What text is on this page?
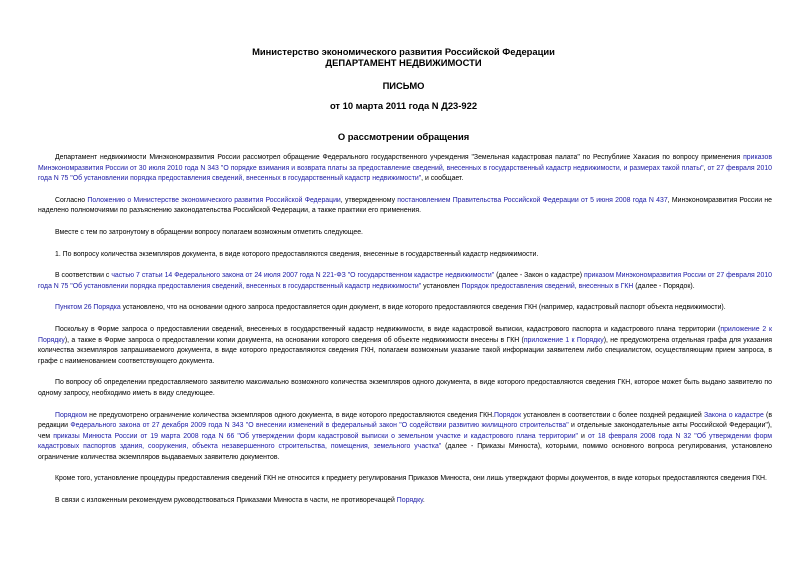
Министерство экономического развития Российской Федерации
ДЕПАРТАМЕНТ НЕДВИЖИМОСТИ
ПИСЬМО
от 10 марта 2011 года N Д23-922
О рассмотрении обращения

Департамент недвижимости Минэкономразвития России рассмотрел обращение Федерального государственного учреждения "Земельная кадастровая палата" по Республике Хакасия по вопросу применения приказов Минэкономразвития России от 30 июля 2010 года N 343 "О порядке взимания и возврата платы за предоставление сведений, внесенных в государственный кадастр недвижимости, и размерах такой платы", от 27 февраля 2010 года N 75 "Об установлении порядка предоставления сведений, внесенных в государственный кадастр недвижимости", и сообщает.

Согласно Положению о Министерстве экономического развития Российской Федерации, утвержденному постановлением Правительства Российской Федерации от 5 июня 2008 года N 437, Минэкономразвития России не наделено полномочиями по разъяснению законодательства Российской Федерации, а также практики его применения.

Вместе с тем по затронутому в обращении вопросу полагаем возможным отметить следующее.

1. По вопросу количества экземпляров документа, в виде которого предоставляются сведения, внесенные в государственный кадастр недвижимости.

В соответствии с частью 7 статьи 14 Федерального закона от 24 июля 2007 года N 221-ФЗ "О государственном кадастре недвижимости" (далее - Закон о кадастре) приказом Минэкономразвития России от 27 февраля 2010 года N 75 "Об установлении порядка предоставления сведений, внесенных в государственный кадастр недвижимости" установлен Порядок предоставления сведений, внесенных в ГКН (далее - Порядок).

Пунктом 26 Порядка установлено, что на основании одного запроса предоставляется один документ, в виде которого предоставляются сведения ГКН (например, кадастровый паспорт объекта недвижимости).

Поскольку в Форме запроса о предоставлении сведений, внесенных в государственный кадастр недвижимости, в виде кадастровой выписки, кадастрового паспорта и кадастрового плана территории (приложение 2 к Порядку), а также в Форме запроса о предоставлении копии документа, на основании которого сведения об объекте недвижимости внесены в ГКН (приложение 1 к Порядку), не предусмотрена отдельная графа для указания количества экземпляров запрашиваемого документа, в виде которого предоставляются сведения ГКН, полагаем возможным указание такой информации заявителем либо специалистом, осуществляющим прием запроса, в графе с наименованием соответствующего документа.

По вопросу об определении предоставляемого заявителю максимально возможного количества экземпляров одного документа, в виде которого предоставляются сведения ГКН, которое может быть выдано заявителю по одному запросу, необходимо иметь в виду следующее.

Порядком не предусмотрено ограничение количества экземпляров одного документа, в виде которого предоставляются сведения ГКН.Порядок установлен в соответствии с более поздней редакцией Закона о кадастре (в редакции Федерального закона от 27 декабря 2009 года N 343 "О внесении изменений в федеральный закон "О содействии развитию жилищного строительства" и отдельные законодательные акты Российской Федерации"), чем приказы Минюста России от 19 марта 2008 года N 66 "Об утверждении форм кадастровой выписки о земельном участке и кадастрового плана территории" и от 18 февраля 2008 года N 32 "Об утверждении форм кадастровых паспортов здания, сооружения, объекта незавершенного строительства, помещения, земельного участка" (далее - Приказы Минюста), которыми, помимо основного вопроса регулирования, установлено ограничение количества экземпляров выдаваемых заявителю документов.

Кроме того, установление процедуры предоставления сведений ГКН не относится к предмету регулирования Приказов Минюста, они лишь утверждают формы документов, в виде которых предоставляются сведения ГКН.

В связи с изложенным рекомендуем руководствоваться Приказами Минюста в части, не противоречащей Порядку.
